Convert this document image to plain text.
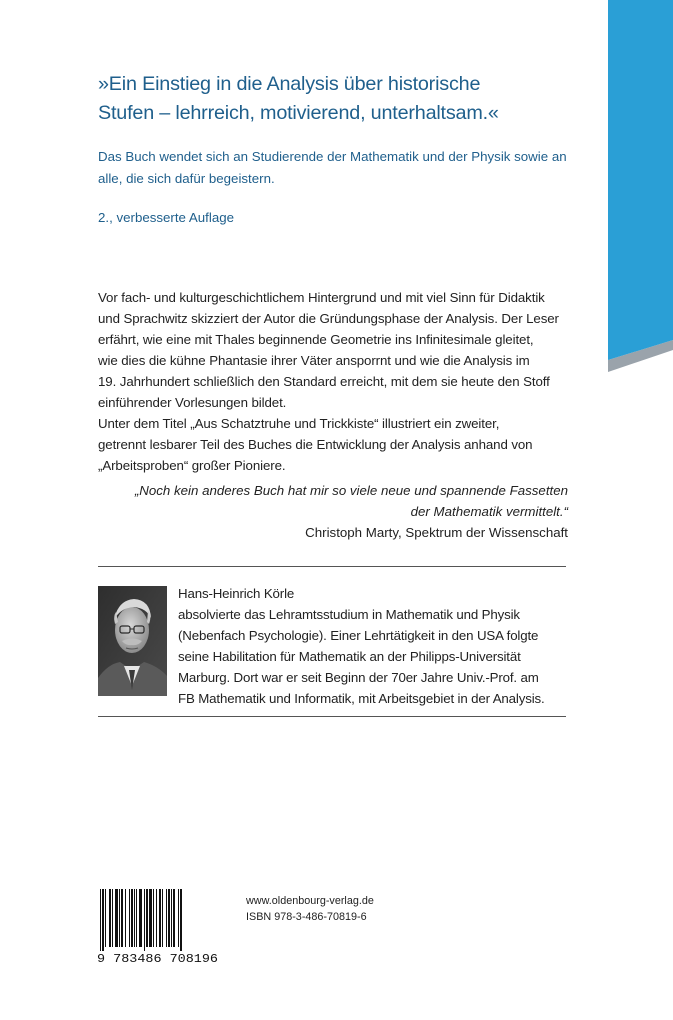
»Ein Einstieg in die Analysis über historische
Stufen – lehrreich, motivierend, unterhaltsam.«

Das Buch wendet sich an Studierende der Mathematik und der Physik sowie an
alle, die sich dafür begeistern.

2., verbesserte Auflage

Vor fach- und kulturgeschichtlichem Hintergrund und mit viel Sinn für Didaktik

und Sprachwitz skizziert der Autor die Gründungsphase der Analysis. Der Leser

erfährt, wie eine mit Thales beginnende Geometrie ins Infinitesimale gleitet,

wie dies die kühne Phantasie ihrer Väter ansporrnt und wie die Analysis im

19. Jahrhundert schließlich den Standard erreicht, mit dem sie heute den Stoff

einführender Vorlesungen bildet.

Unter dem Titel „Aus Schatztruhe und Trickkiste“ illustriert ein zweiter,

getrennt lesbarer Teil des Buches die Entwicklung der Analysis anhand von

„Arbeitsproben“ großer Pioniere.

„Noch kein anderes Buch hat mir so viele neue und spannende Fassetten

der Mathematik vermittelt.“

Christoph Marty, Spektrum der Wissenschaft

Hans-Heinrich Körle

absolvierte das Lehramtsstudium in Mathematik und Physik

(Nebenfach Psychologie). Einer Lehrtätigkeit in den USA folgte

seine Habilitation für Mathematik an der Philipps-Universität

Marburg. Dort war er seit Beginn der 70er Jahre Univ.-Prof. am

FB Mathematik und Informatik, mit Arbeitsgebiet in der Analysis.

9 783486 708196
www.oldenbourg-verlag.de
ISBN 978-3-486-70819-6
